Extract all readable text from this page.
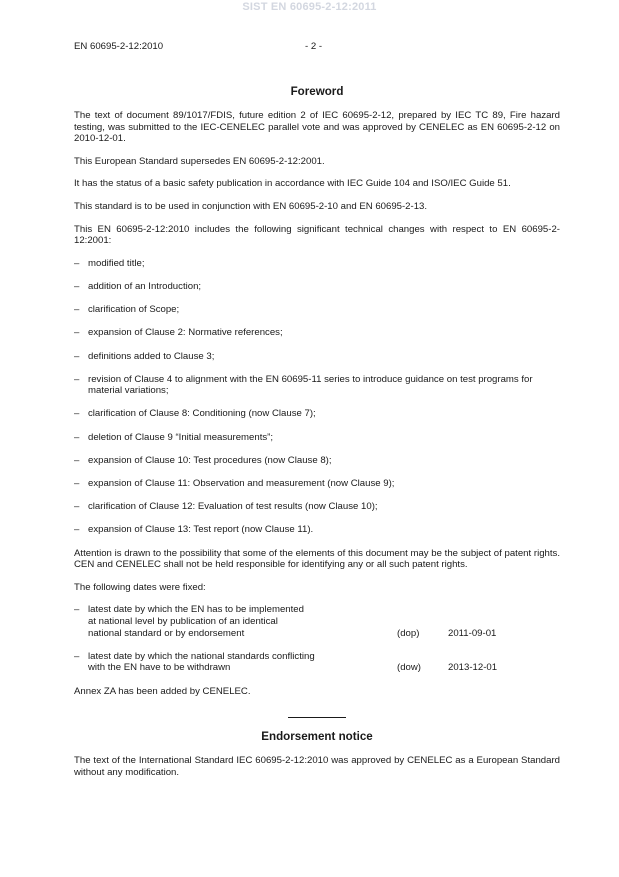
SIST EN 60695-2-12:2011
EN 60695-2-12:2010	- 2 -
Foreword

The text of document 89/1017/FDIS, future edition 2 of IEC 60695-2-12, prepared by IEC TC 89, Fire hazard testing, was submitted to the IEC-CENELEC parallel vote and was approved by CENELEC as EN 60695-2-12 on 2010-12-01.

This European Standard supersedes EN 60695-2-12:2001.

It has the status of a basic safety publication in accordance with IEC Guide 104 and ISO/IEC Guide 51.

This standard is to be used in conjunction with EN 60695-2-10 and EN 60695-2-13.

This EN 60695-2-12:2010 includes the following significant technical changes with respect to EN 60695-2-12:2001:

– modified title;
– addition of an Introduction;
– clarification of Scope;
– expansion of Clause 2: Normative references;
– definitions added to Clause 3;
– revision of Clause 4 to alignment with the EN 60695-11 series to introduce guidance on test programs for material variations;
– clarification of Clause 8: Conditioning (now Clause 7);
– deletion of Clause 9 “Initial measurements”;
– expansion of Clause 10: Test procedures (now Clause 8);
– expansion of Clause 11: Observation and measurement (now Clause 9);
– clarification of Clause 12: Evaluation of test results (now Clause 10);
– expansion of Clause 13: Test report (now Clause 11).

Attention is drawn to the possibility that some of the elements of this document may be the subject of patent rights. CEN and CENELEC shall not be held responsible for identifying any or all such patent rights.

The following dates were fixed:

– latest date by which the EN has to be implemented
at national level by publication of an identical
national standard or by endorsement	(dop)	2011-09-01
– latest date by which the national standards conflicting
with the EN have to be withdrawn	(dow)	2013-12-01

Annex ZA has been added by CENELEC.

Endorsement notice

The text of the International Standard IEC 60695-2-12:2010 was approved by CENELEC as a European Standard without any modification.
